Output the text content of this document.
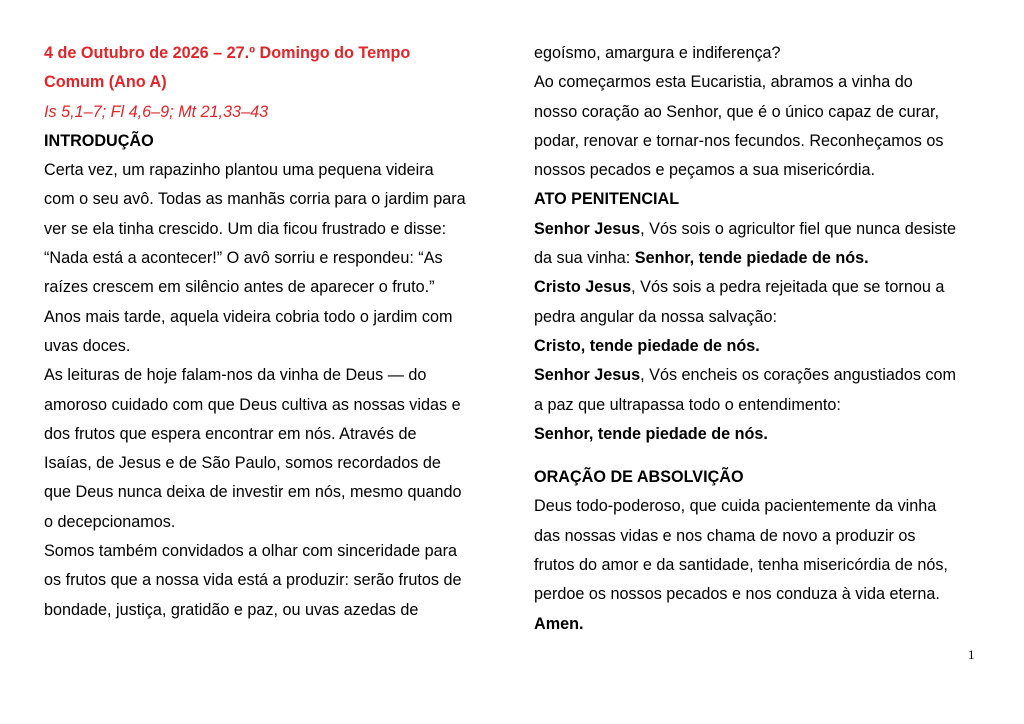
4 de Outubro de 2026 – 27.º Domingo do Tempo

Comum (Ano A)

Is 5,1–7; Fl 4,6–9; Mt 21,33–43

INTRODUÇÃO

Certa vez, um rapazinho plantou uma pequena videira

com o seu avô. Todas as manhãs corria para o jardim para

ver se ela tinha crescido. Um dia ficou frustrado e disse:

“Nada está a acontecer!” O avô sorriu e respondeu: “As

raízes crescem em silêncio antes de aparecer o fruto.”

Anos mais tarde, aquela videira cobria todo o jardim com

uvas doces.

As leituras de hoje falam-nos da vinha de Deus — do

amoroso cuidado com que Deus cultiva as nossas vidas e

dos frutos que espera encontrar em nós. Através de

Isaías, de Jesus e de São Paulo, somos recordados de

que Deus nunca deixa de investir em nós, mesmo quando

o decepcionamos.

Somos também convidados a olhar com sinceridade para

os frutos que a nossa vida está a produzir: serão frutos de

bondade, justiça, gratidão e paz, ou uvas azedas de

egoísmo, amargura e indiferença?

Ao começarmos esta Eucaristia, abramos a vinha do

nosso coração ao Senhor, que é o único capaz de curar,

podar, renovar e tornar-nos fecundos. Reconheçamos os

nossos pecados e peçamos a sua misericórdia.

ATO PENITENCIAL

Senhor Jesus, Vós sois o agricultor fiel que nunca desiste

da sua vinha: Senhor, tende piedade de nós.

Cristo Jesus, Vós sois a pedra rejeitada que se tornou a

pedra angular da nossa salvação:

Cristo, tende piedade de nós.

Senhor Jesus, Vós encheis os corações angustiados com

a paz que ultrapassa todo o entendimento:

Senhor, tende piedade de nós.

ORAÇÃO DE ABSOLVIÇÃO

Deus todo-poderoso, que cuida pacientemente da vinha

das nossas vidas e nos chama de novo a produzir os

frutos do amor e da santidade, tenha misericórdia de nós,

perdoe os nossos pecados e nos conduza à vida eterna.

Amen.

1
